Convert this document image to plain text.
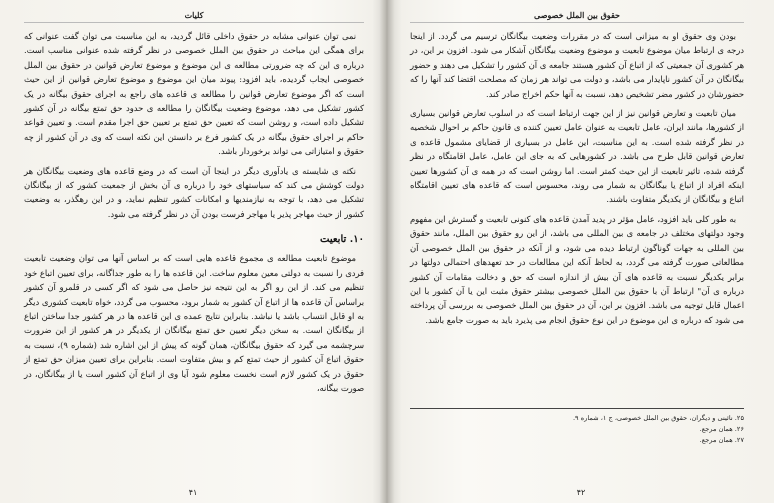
کلیات

نمی توان عنوانی مشابه در حقوق داخلی قائل گردید، به این مناسبت می توان گفت عنوانی که برای همگی این مباحث در حقوق بین الملل خصوصی در نظر گرفته شده عنوانی مناسب است. درباره ی این که چه ضرورتی مطالعه ی این موضوع و موضوع تعارض قوانین در حقوق بین الملل خصوصی ایجاب گردیده، باید افزود: پیوند میان این موضوع و موضوع تعارض قوانین از این حیث است که اگر موضوع تعارض قوانین را مطالعه ی قاعده های راجع به اجرای حقوق بیگانه در یک کشور تشکیل می دهد، موضوع وضعیت بیگانگان را مطالعه ی حدود حق تمتع بیگانه در آن کشور تشکیل داده است، و روشن است که تعیین حق تمتع بر تعیین حق اجرا مقدم است. و تعیین قواعد حاکم بر اجرای حقوق بیگانه در یک کشور فرع بر دانستن این نکته است که وی در آن کشور از چه حقوق و امتیازاتی می تواند برخوردار باشد.

نکته ی شایسته ی یادآوری دیگر در اینجا آن است که در وضع قاعده های وضعیت بیگانگان هر دولت کوشش می کند که سیاستهای خود را درباره ی آن بخش از جمعیت کشور که از بیگانگان تشکیل می دهد، با توجه به نیازمندیها و امکانات کشور تنظیم نماید، و در این رهگذر، به وضعیت کشور از حیث مهاجر پذیر یا مهاجر فرست بودن آن در نظر گرفته می شود.

۱۰. تابعیت

موضوع تابعیت مطالعه ی مجموع قاعده هایی است که بر اساس آنها می توان وضعیت تابعیت فردی را نسبت به دولتی معین معلوم ساخت. این قاعده ها را به طور جداگانه، برای تعیین اتباع خود تنظیم می کند. از این رو اگر به این نتیجه نیز حاصل می شود که اگر کسی در قلمرو آن کشور براساس آن قاعده ها از اتباع آن کشور به شمار برود، محسوب می گردد، خواه تابعیت کشوری دیگر به او قابل انتساب باشد یا نباشد. بنابراین نتایج عمده ی این قاعده ها در هر کشور جدا ساختن اتباع از بیگانگان است. به سخن دیگر تعیین حق تمتع بیگانگان از یکدیگر در هر کشور از این ضرورت سرچشمه می گیرد که حقوق بیگانگان، همان گونه که پیش از این اشاره شد (شماره ۹)، نسبت به حقوق اتباع آن کشور از حیث تمتع کم و بیش متفاوت است. بنابراین برای تعیین میزان حق تمتع از حقوق در یک کشور لازم است نخست معلوم شود آیا وی از اتباع آن کشور است یا از بیگانگان، در صورت بیگانه،

۴۱
حقوق بین الملل خصوصی

بودن وی حقوق او به میزانی است که در مقررات وضعیت بیگانگان ترسیم می گردد. از اینجا درجه ی ارتباط میان موضوع تابعیت و موضوع وضعیت بیگانگان آشکار می شود. افزون بر این، در هر کشوری آن جمعیتی که از اتباع آن کشور هستند جامعه ی آن کشور را تشکیل می دهند و حضور بیگانگان در آن کشور ناپایدار می باشد، و دولت می تواند هر زمان که مصلحت اقتضا کند آنها را که حضورشان در کشور مضر تشخیص دهد، نسبت به آنها حکم اخراج صادر کند.

میان تابعیت و تعارض قوانین نیز از این جهت ارتباط است که در اسلوب تعارض قوانین بسیاری از کشورها، مانند ایران، عامل تابعیت به عنوان عامل تعیین کننده ی قانون حاکم بر احوال شخصیه در نظر گرفته شده است. به این مناسبت، این عامل در بسیاری از قضایای مشمول قاعده ی تعارض قوانین قابل طرح می باشد. در کشورهایی که به جای این عامل، عامل اقامتگاه در نظر گرفته شده، تاثیر تابعیت از این حیث کمتر است. اما روشن است که در همه ی آن کشورها تعیین اینکه افراد از اتباع یا بیگانگان به شمار می روند، محسوس است که قاعده های تعیین اقامتگاه اتباع و بیگانگان از یکدیگر متفاوت باشند.

به طور کلی باید افزود، عامل مؤثر در پدید آمدن قاعده های کنونی تابعیت و گسترش این مفهوم وجود دولتهای مختلف در جامعه ی بین المللی می باشد، از این رو حقوق بین الملل، مانند حقوق بین المللی به جهات گوناگون ارتباط دیده می شود، و از آنکه در حقوق بین الملل خصوصی آن مطالعاتی صورت گرفته می گردد، به لحاظ آنکه این مطالعات در حد تعهدهای احتمالی دولتها در برابر یکدیگر نسبت به قاعده های آن بیش از اندازه است که حق و دخالت مقامات آن کشور درباره ی آن" ارتباط آن با حقوق بین الملل خصوصی بیشتر حقوق مثبت این یا آن کشور با این اعمال قابل توجیه می باشد. افزون بر این، آن در حقوق بین الملل خصوصی به بررسی آن پرداخته می شود که درباره ی این موضوع در این نوع حقوق انجام می پذیرد باید به صورت جامع باشد.

۲۵. نائینی و دیگران، حقوق بین الملل خصوصی، ج ۱، شماره ۹.

۲۶. همان مرجع.

۲۷. همان مرجع.

۴۲
